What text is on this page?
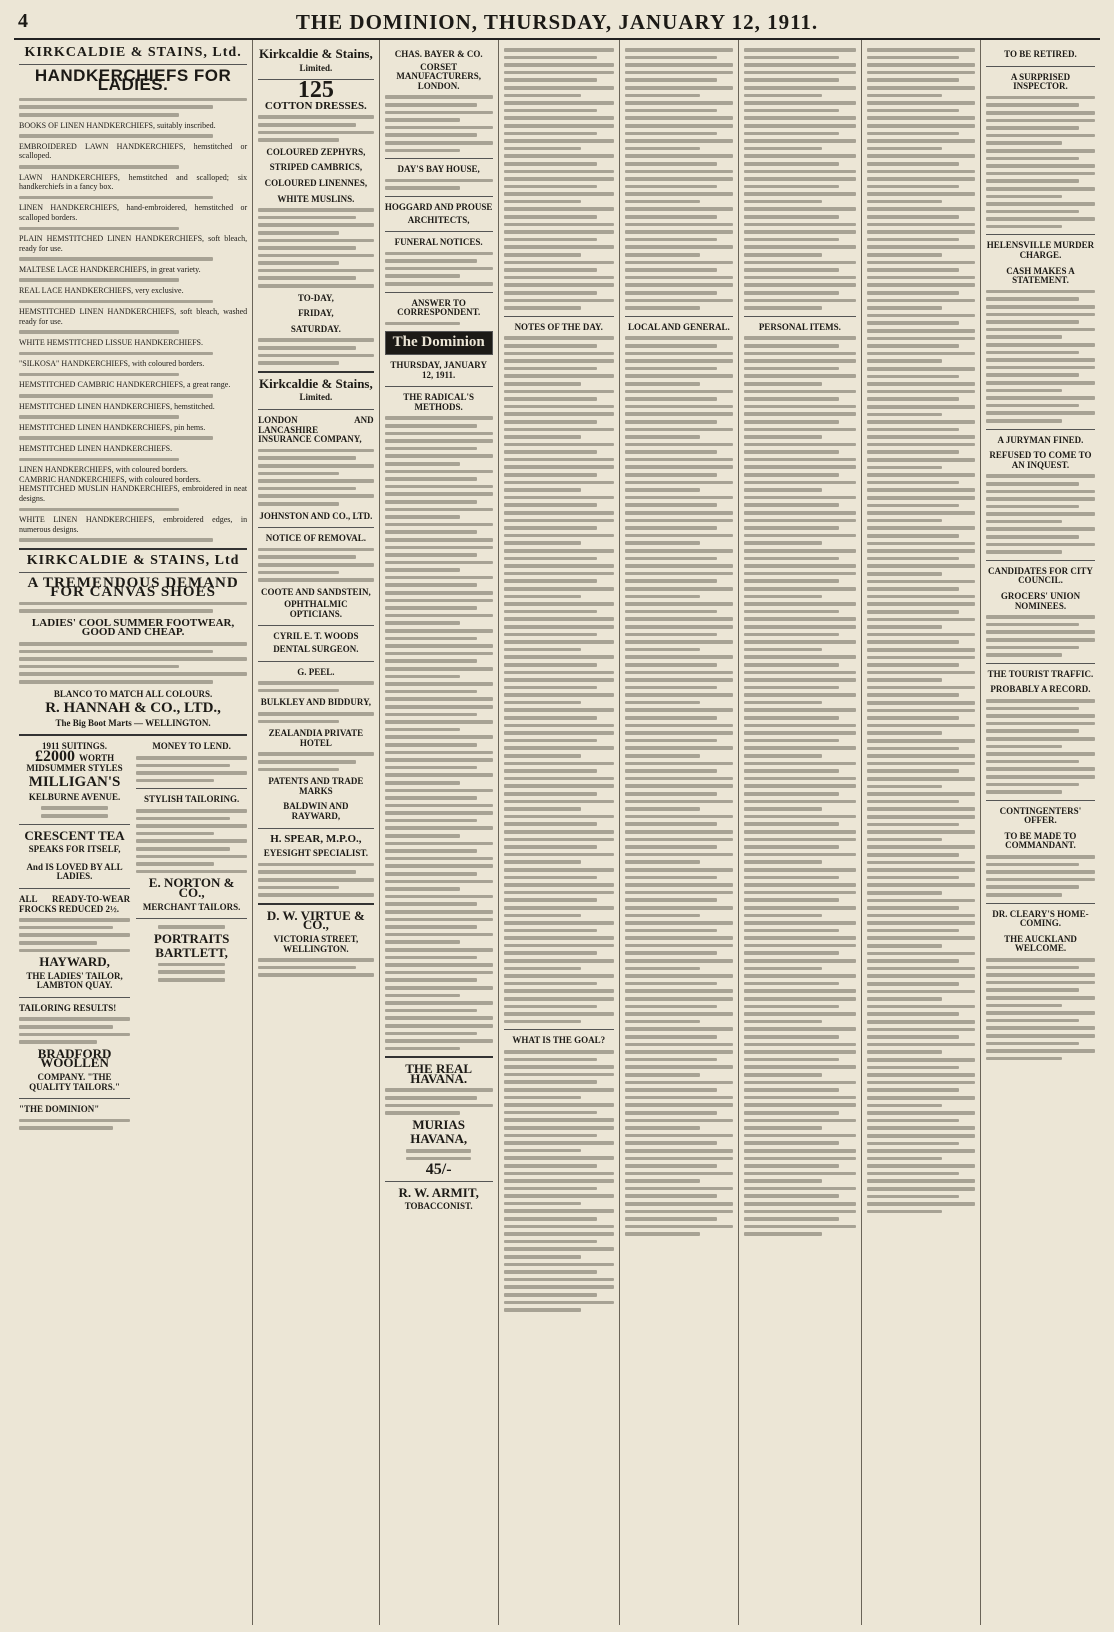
4	THE DOMINION, THURSDAY, JANUARY 12, 1911.
KIRKCALDIE & STAINS, Ltd.
HANDKERCHIEFS FOR LADIES.
BOOKS OF LINEN HANDKERCHIEFS, suitably inscribed.
EMBROIDERED LAWN HANDKERCHIEFS, hemstitched or scalloped.
LAWN HANDKERCHIEFS, hemstitched and scalloped; six handkerchiefs in a fancy box.
LINEN HANDKERCHIEFS, hand-embroidered, hemstitched or scalloped borders.
PLAIN HEMSTITCHED LINEN HANDKERCHIEFS, soft bleach, ready for use.
MALTESE LACE HANDKERCHIEFS, in great variety.
REAL LACE HANDKERCHIEFS, very exclusive.
HEMSTITCHED LINEN HANDKERCHIEFS, soft bleach, washed ready for use.
WHITE HEMSTITCHED LISSUE HANDKERCHIEFS.
"SILKOSA" HANDKERCHIEFS, with coloured borders.
HEMSTITCHED CAMBRIC HANDKERCHIEFS, a great range.
HEMSTITCHED LINEN HANDKERCHIEFS, hemstitched.
HEMSTITCHED LINEN HANDKERCHIEFS, pin hems.
HEMSTITCHED LINEN HANDKERCHIEFS.
LINEN HANDKERCHIEFS, with coloured borders.
CAMBRIC HANDKERCHIEFS, with coloured borders.
HEMSTITCHED MUSLIN HANDKERCHIEFS, embroidered in neat designs.
WHITE LINEN HANDKERCHIEFS, embroidered edges, in numerous designs.
KIRKCALDIE & STAINS, Ltd
A TREMENDOUS DEMAND FOR CANVAS SHOES
LADIES' COOL SUMMER FOOTWEAR, GOOD AND CHEAP.
BLANCO TO MATCH ALL COLOURS.
R. HANNAH & CO., LTD.,
The Big Boot Marts — WELLINGTON.
1911 SUITINGS.
£2000 WORTH
MIDSUMMER STYLES
MILLIGAN'S
KELBURNE AVENUE.
CRESCENT TEA
SPEAKS FOR ITSELF,
And IS LOVED BY ALL LADIES.
ALL READY-TO-WEAR FROCKS REDUCED 2½.
HAYWARD,
THE LADIES' TAILOR, LAMBTON QUAY.
TAILORING RESULTS!
BRADFORD WOOLLEN
COMPANY. "THE QUALITY TAILORS."
"THE DOMINION"
MONEY TO LEND.
STYLISH TAILORING.
E. NORTON & CO.,
MERCHANT TAILORS.
PORTRAITS
BARTLETT,
Kirkcaldie & Stains,
Limited.
125
COTTON DRESSES.
COLOURED ZEPHYRS,
STRIPED CAMBRICS,
COLOURED LINENNES,
WHITE MUSLINS.
TO-DAY,
FRIDAY,
SATURDAY.
Kirkcaldie & Stains,
Limited.
LONDON AND LANCASHIRE INSURANCE COMPANY,
JOHNSTON AND CO., LTD.
NOTICE OF REMOVAL.
COOTE AND SANDSTEIN,
OPHTHALMIC OPTICIANS.
CYRIL E. T. WOODS
DENTAL SURGEON.
G. PEEL.
BULKLEY AND BIDDURY,
ZEALANDIA PRIVATE HOTEL
PATENTS AND TRADE MARKS
BALDWIN AND RAYWARD,
H. SPEAR, M.P.O.,
EYESIGHT SPECIALIST.
D. W. VIRTUE & CO.,
VICTORIA STREET, WELLINGTON.
CHAS. BAYER & CO.
CORSET MANUFACTURERS, LONDON.
DAY'S BAY HOUSE,
HOGGARD AND PROUSE
ARCHITECTS,
FUNERAL NOTICES.
ANSWER TO CORRESPONDENT.
The Dominion
THURSDAY, JANUARY 12, 1911.
THE RADICAL'S METHODS.
THE REAL HAVANA.
MURIAS
HAVANA,
45/-
R. W. ARMIT,
TOBACCONIST.
NOTES OF THE DAY.
WHAT IS THE GOAL?
LOCAL AND GENERAL.	PERSONAL ITEMS.
TO BE RETIRED.
A SURPRISED INSPECTOR.
HELENSVILLE MURDER CHARGE.
CASH MAKES A STATEMENT.
A JURYMAN FINED.
REFUSED TO COME TO AN INQUEST.
CANDIDATES FOR CITY COUNCIL.
GROCERS' UNION NOMINEES.
THE TOURIST TRAFFIC.
PROBABLY A RECORD.
CONTINGENTERS' OFFER.
TO BE MADE TO COMMANDANT.
DR. CLEARY'S HOME-COMING.
THE AUCKLAND WELCOME.
